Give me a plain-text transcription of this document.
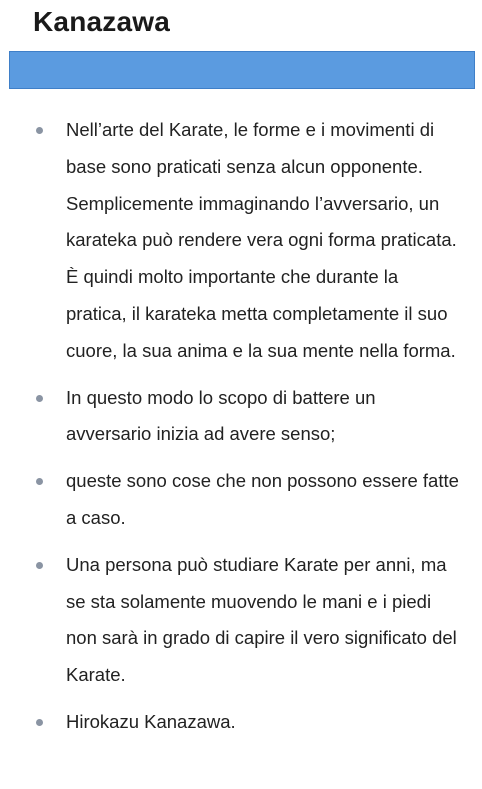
Kanazawa
Nell’arte del Karate, le forme e i movimenti di base sono praticati senza alcun opponente. Semplicemente immaginando l’avversario, un karateka può rendere vera ogni forma praticata. È quindi molto importante che durante la pratica, il karateka metta completamente il suo cuore, la sua anima e la sua mente nella forma.
In questo modo lo scopo di battere un avversario inizia ad avere senso;
queste sono cose che non possono essere fatte a caso.
Una persona può studiare Karate per anni, ma se sta solamente muovendo le mani e i piedi non sarà in grado di capire il vero significato del Karate.
Hirokazu Kanazawa.
